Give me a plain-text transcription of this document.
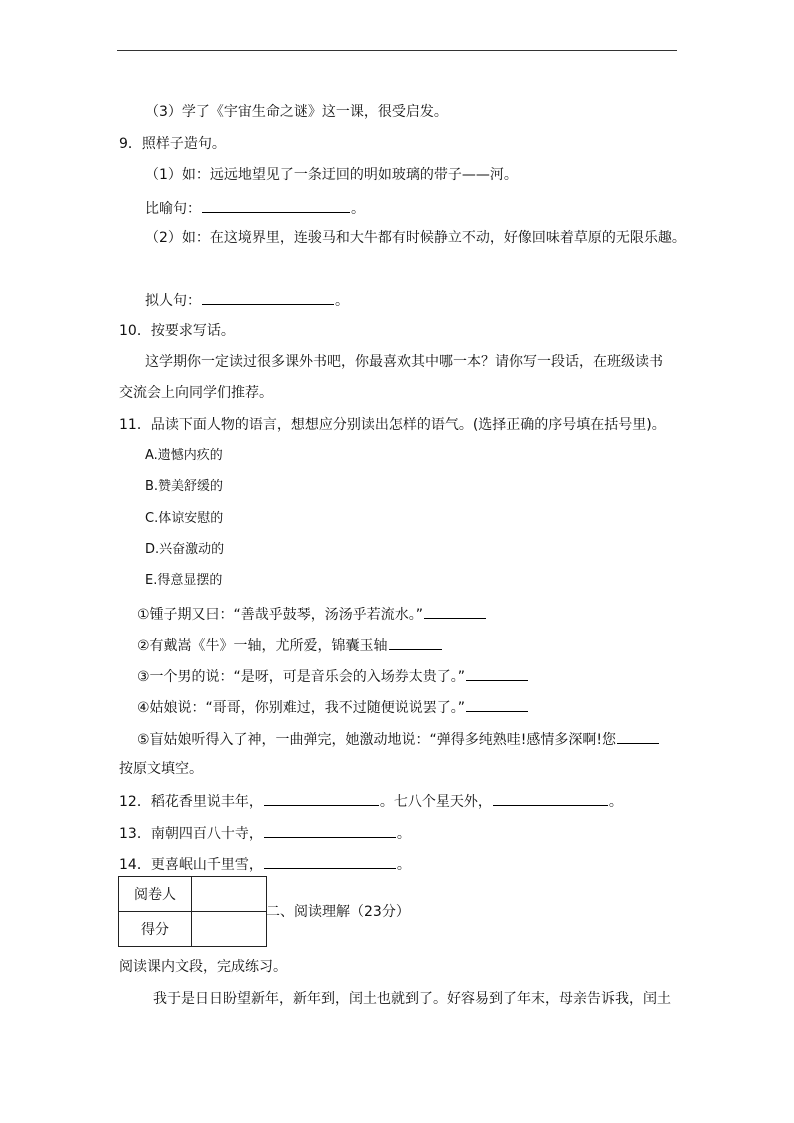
（3）学了《宇宙生命之谜》这一课，很受启发。
9．照样子造句。
（1）如：远远地望见了一条迂回的明如玻璃的带子——河。
比喻句：	。
（2）如：在这境界里，连骏马和大牛都有时候静立不动，好像回味着草原的无限乐趣。
拟人句：	。
10．按要求写话。
这学期你一定读过很多课外书吧，你最喜欢其中哪一本？请你写一段话，在班级读书
交流会上向同学们推荐。
11．品读下面人物的语言，想想应分别读出怎样的语气。(选择正确的序号填在括号里)。
A.遗憾内疚的
B.赞美舒缓的
C.体谅安慰的
D.兴奋激动的
E.得意显摆的
①锺子期又曰：“善哉乎鼓琴，汤汤乎若流水。”
②有戴嵩《牛》一轴，尤所爱，锦囊玉轴
③一个男的说：“是呀，可是音乐会的入场券太贵了。”
④姑娘说：“哥哥，你别难过，我不过随便说说罢了。”
⑤盲姑娘听得入了神，一曲弹完，她激动地说：“弹得多纯熟哇!感情多深啊!您
按原文填空。
12．稻花香里说丰年，	。七八个星天外，	。
13．南朝四百八十寺，	。
14．更喜岷山千里雪，	。
阅卷人	
得分	
二、阅读理解（23分）
阅读课内文段，完成练习。
我于是日日盼望新年，新年到，闰土也就到了。好容易到了年末，母亲告诉我，闰土
